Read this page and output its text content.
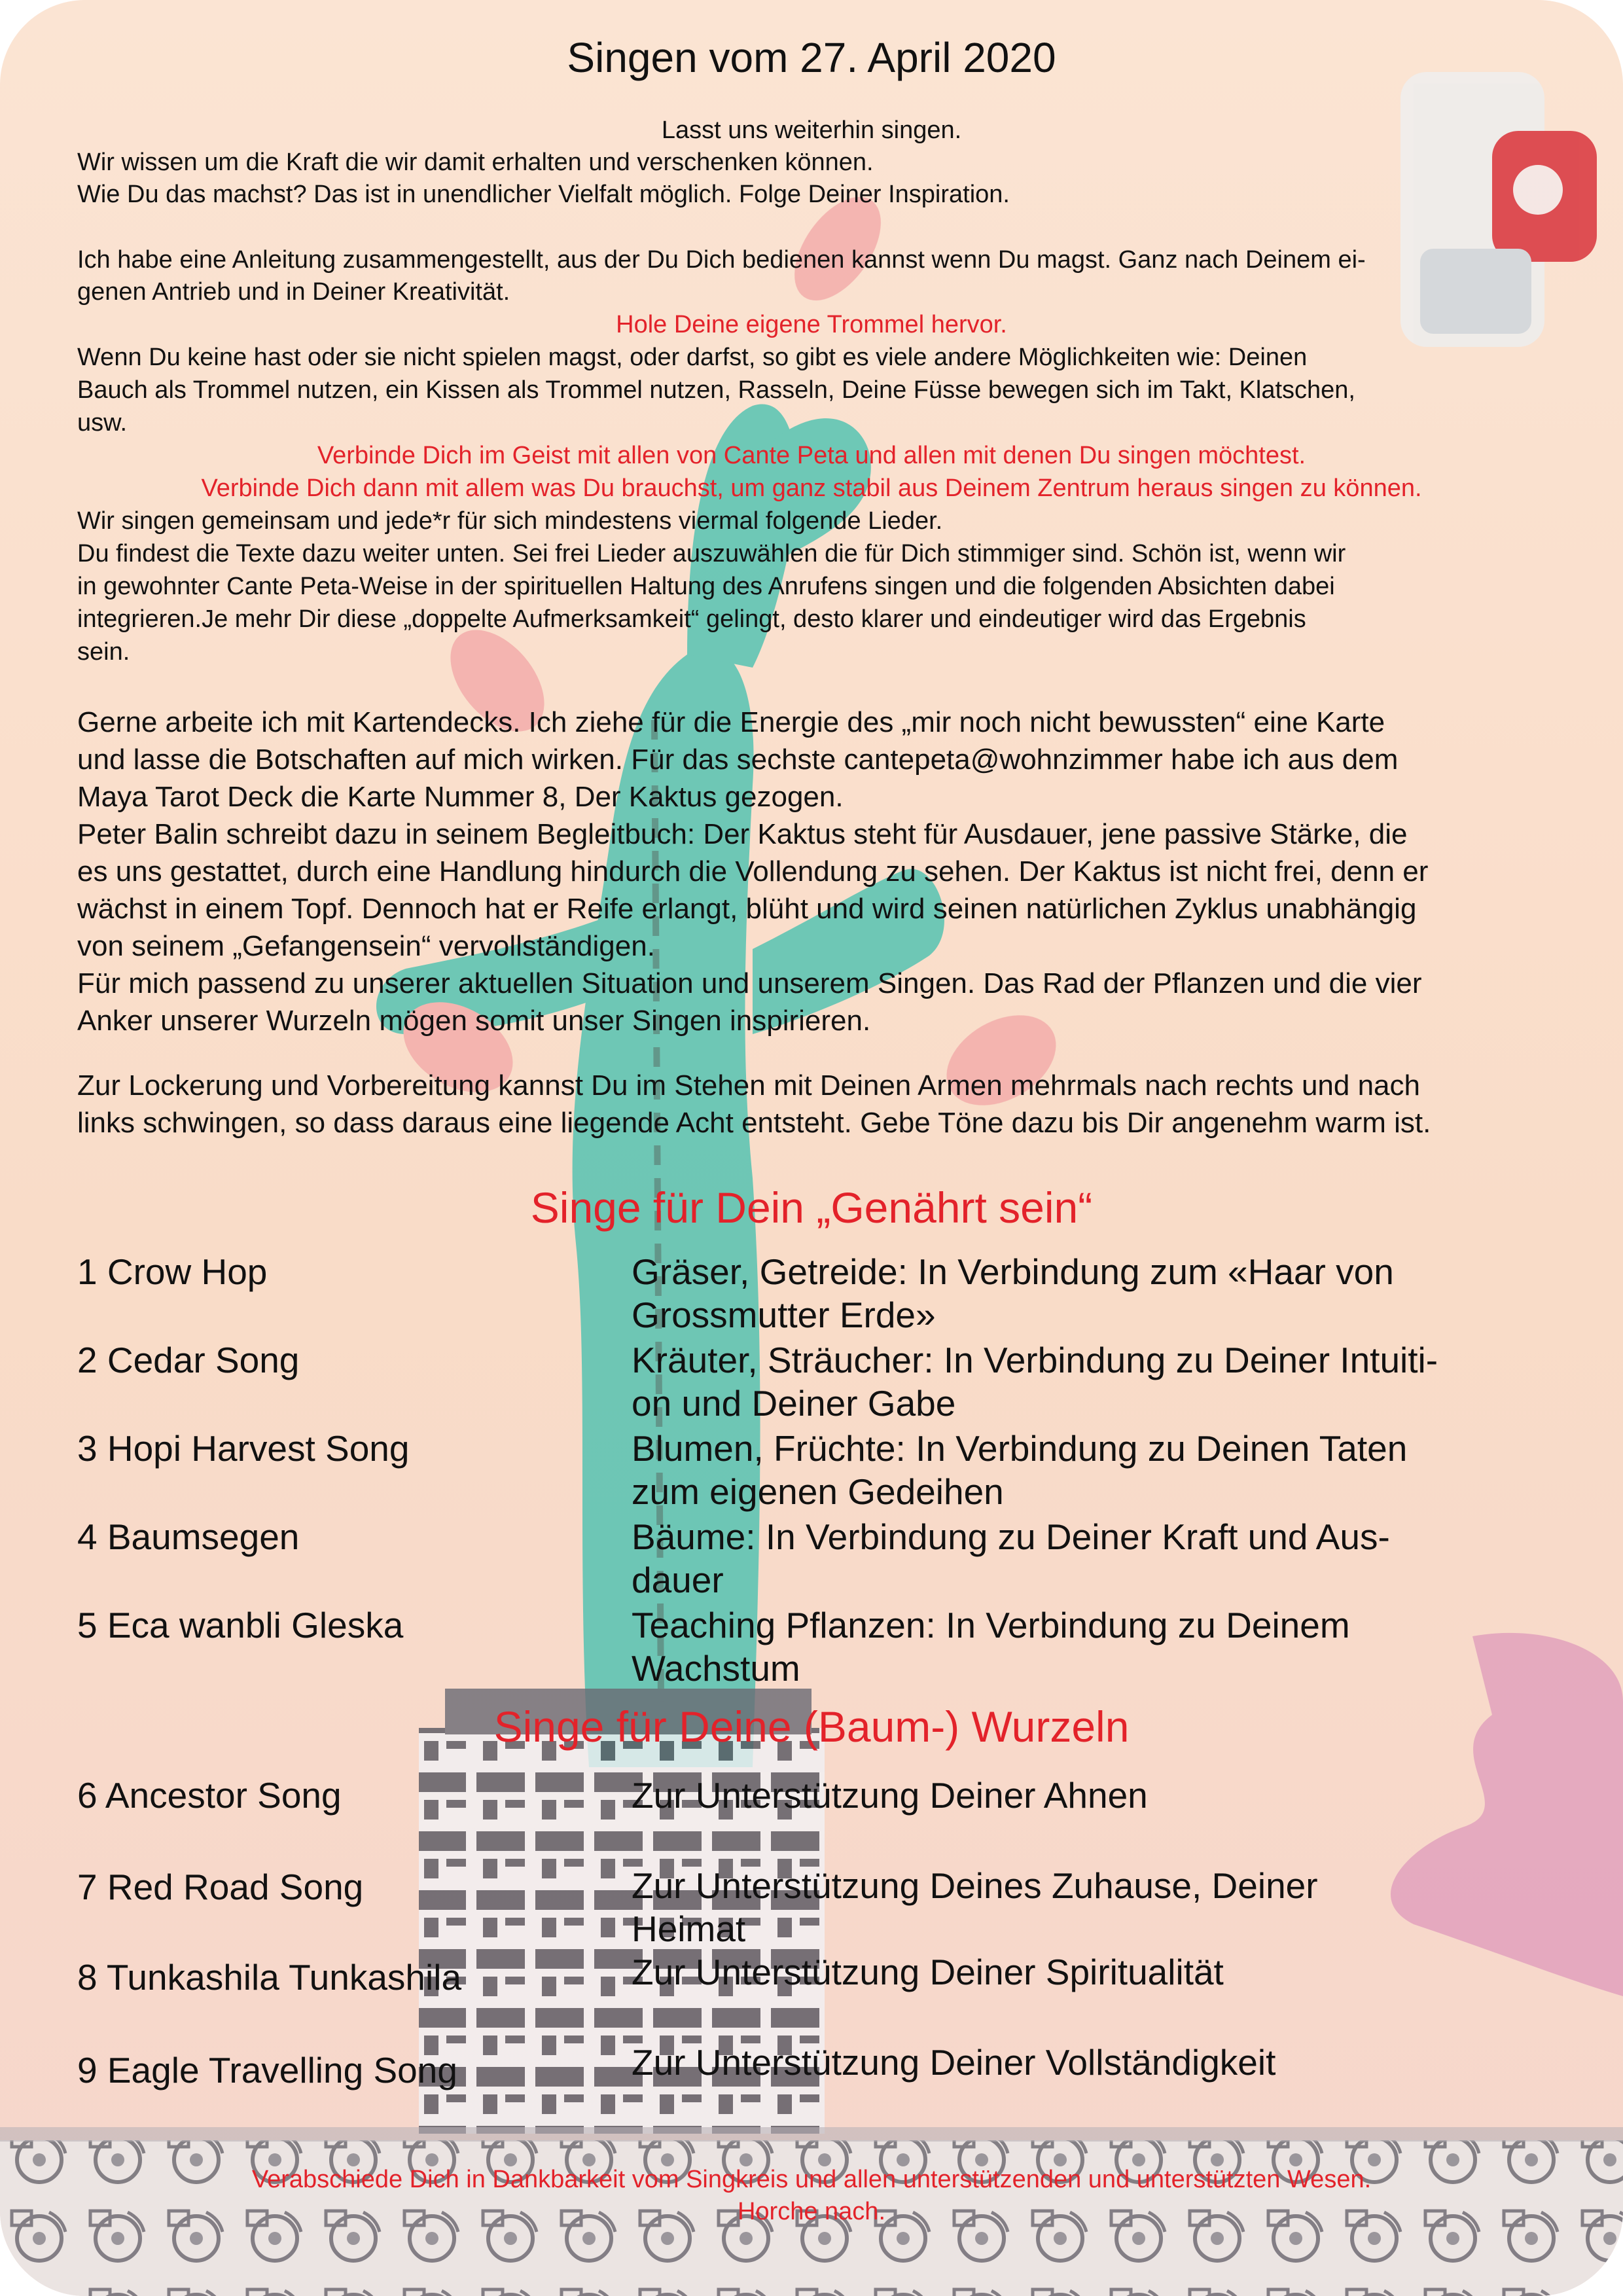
Singen vom 27. April 2020
Lasst uns weiterhin singen.
Wir wissen um die Kraft die wir damit erhalten und verschenken können.
Wie Du das machst? Das ist in unendlicher Vielfalt möglich. Folge Deiner Inspiration.
Ich habe eine Anleitung zusammengestellt, aus der Du Dich bedienen kannst wenn Du magst. Ganz nach Deinem ei-
genen Antrieb und in Deiner Kreativität.
Hole Deine eigene Trommel hervor.
Wenn Du keine hast oder sie nicht spielen magst, oder darfst, so gibt es viele andere Möglichkeiten wie: Deinen
Bauch als Trommel nutzen, ein Kissen als Trommel nutzen, Rasseln, Deine Füsse bewegen sich im Takt, Klatschen,
usw.
Verbinde Dich im Geist mit allen von Cante Peta und allen mit denen Du singen möchtest.
Verbinde Dich dann mit allem was Du brauchst, um ganz stabil aus Deinem Zentrum heraus singen zu können.
Wir singen gemeinsam und jede*r für sich mindestens viermal folgende Lieder.
Du findest die Texte dazu weiter unten. Sei frei Lieder auszuwählen die für Dich stimmiger sind. Schön ist, wenn wir
in gewohnter Cante Peta-Weise in der spirituellen Haltung des Anrufens singen und die folgenden Absichten dabei
integrieren.Je mehr Dir diese „doppelte Aufmerksamkeit“ gelingt, desto klarer und eindeutiger wird das Ergebnis
sein.
Gerne arbeite ich mit Kartendecks. Ich ziehe für die Energie des „mir noch nicht bewussten“ eine Karte
und lasse die Botschaften auf mich wirken. Für das sechste cantepeta@wohnzimmer habe ich aus dem
Maya Tarot Deck die Karte Nummer 8, Der Kaktus gezogen.
Peter Balin schreibt dazu in seinem Begleitbuch: Der Kaktus steht für Ausdauer, jene passive Stärke, die
es uns gestattet, durch eine Handlung hindurch die Vollendung zu sehen. Der Kaktus ist nicht frei, denn er
wächst in einem Topf. Dennoch hat er Reife erlangt, blüht und wird seinen natürlichen Zyklus unabhängig
von seinem „Gefangensein“ vervollständigen.
Für mich passend zu unserer aktuellen Situation und unserem Singen. Das Rad der Pflanzen und die vier
Anker unserer Wurzeln mögen somit unser Singen inspirieren.
Zur Lockerung und Vorbereitung kannst Du im Stehen mit Deinen Armen mehrmals nach rechts und nach
links schwingen, so dass daraus eine liegende Acht entsteht. Gebe Töne dazu bis Dir angenehm warm ist.
Singe für Dein „Genährt sein“
1 Crow Hop	Gräser, Getreide: In Verbindung zum «Haar von
Grossmutter Erde»
2 Cedar Song	Kräuter, Sträucher: In Verbindung zu Deiner Intuiti-
on und Deiner Gabe
3 Hopi Harvest Song	Blumen, Früchte: In Verbindung zu Deinen Taten
zum eigenen Gedeihen
4 Baumsegen	Bäume: In Verbindung zu Deiner Kraft und Aus-
dauer
5 Eca wanbli Gleska	Teaching Pflanzen: In Verbindung zu Deinem
Wachstum
Singe für Deine (Baum-) Wurzeln
6 Ancestor Song	Zur Unterstützung Deiner Ahnen
7 Red Road Song	Zur Unterstützung Deines Zuhause, Deiner
Heimat
8 Tunkashila Tunkashila	Zur Unterstützung Deiner Spiritualität
9 Eagle Travelling Song	Zur Unterstützung Deiner Vollständigkeit
Verabschiede Dich in Dankbarkeit vom Singkreis und allen unterstützenden und unterstützten Wesen.
Horche nach.
